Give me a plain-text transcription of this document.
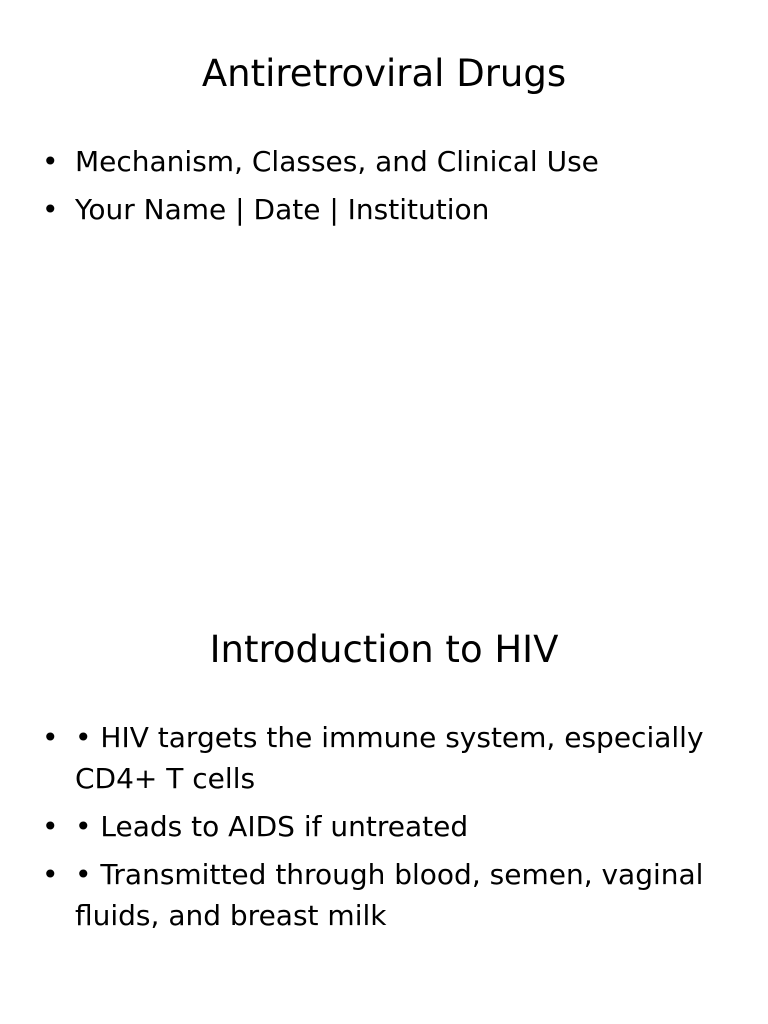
Antiretroviral Drugs
• Mechanism, Classes, and Clinical Use
• Your Name | Date | Institution
Introduction to HIV
• • HIV targets the immune system, especially CD4+ T cells
• • Leads to AIDS if untreated
• • Transmitted through blood, semen, vaginal fluids, and breast milk
